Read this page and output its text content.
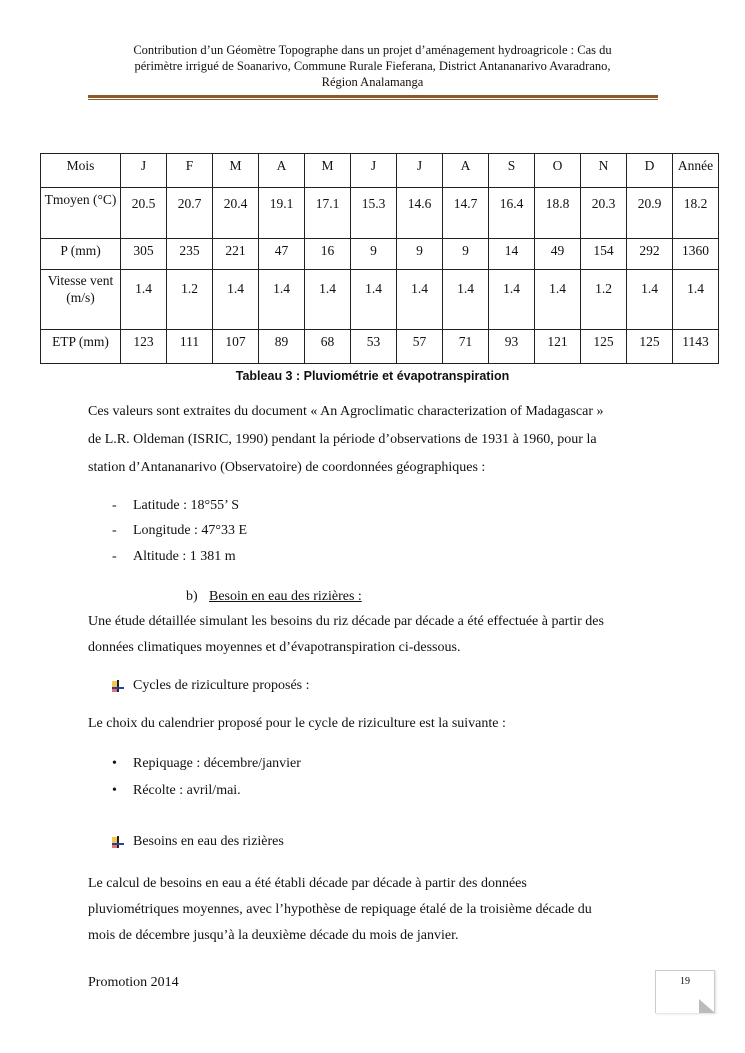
Contribution d’un Géomètre Topographe dans un projet d’aménagement hydroagricole : Cas du
périmètre irrigué de Soanarivo, Commune Rurale Fieferana, District Antananarivo Avaradrano,
Région Analamanga
Mois	J	F	M	A	M	J	J	A	S	O	N	D	Année
Tmoyen (°C)	20.5	20.7	20.4	19.1	17.1	15.3	14.6	14.7	16.4	18.8	20.3	20.9	18.2
P (mm)	305	235	221	47	16	9	9	9	14	49	154	292	1360
Vitesse vent (m/s)	1.4	1.2	1.4	1.4	1.4	1.4	1.4	1.4	1.4	1.4	1.2	1.4	1.4
ETP (mm)	123	111	107	89	68	53	57	71	93	121	125	125	1143
Tableau 3 : Pluviométrie et évapotranspiration
Ces valeurs sont extraites du document « An Agroclimatic characterization of Madagascar »
de L.R. Oldeman (ISRIC, 1990) pendant la période d’observations de 1931 à 1960, pour la
station d’Antananarivo (Observatoire) de coordonnées géographiques :
- Latitude : 18°55’ S
- Longitude : 47°33 E
- Altitude : 1 381 m
b) Besoin en eau des rizières :
Une étude détaillée simulant les besoins du riz décade par décade a été effectuée à partir des
données climatiques moyennes et d’évapotranspiration ci-dessous.
Cycles de riziculture proposés :
Le choix du calendrier proposé pour le cycle de riziculture est la suivante :
• Repiquage : décembre/janvier
• Récolte : avril/mai.
Besoins en eau des rizières
Le calcul de besoins en eau a été établi décade par décade à partir des données
pluviométriques moyennes, avec l’hypothèse de repiquage étalé de la troisième décade du
mois de décembre jusqu’à la deuxième décade du mois de janvier.
Promotion 2014	19
